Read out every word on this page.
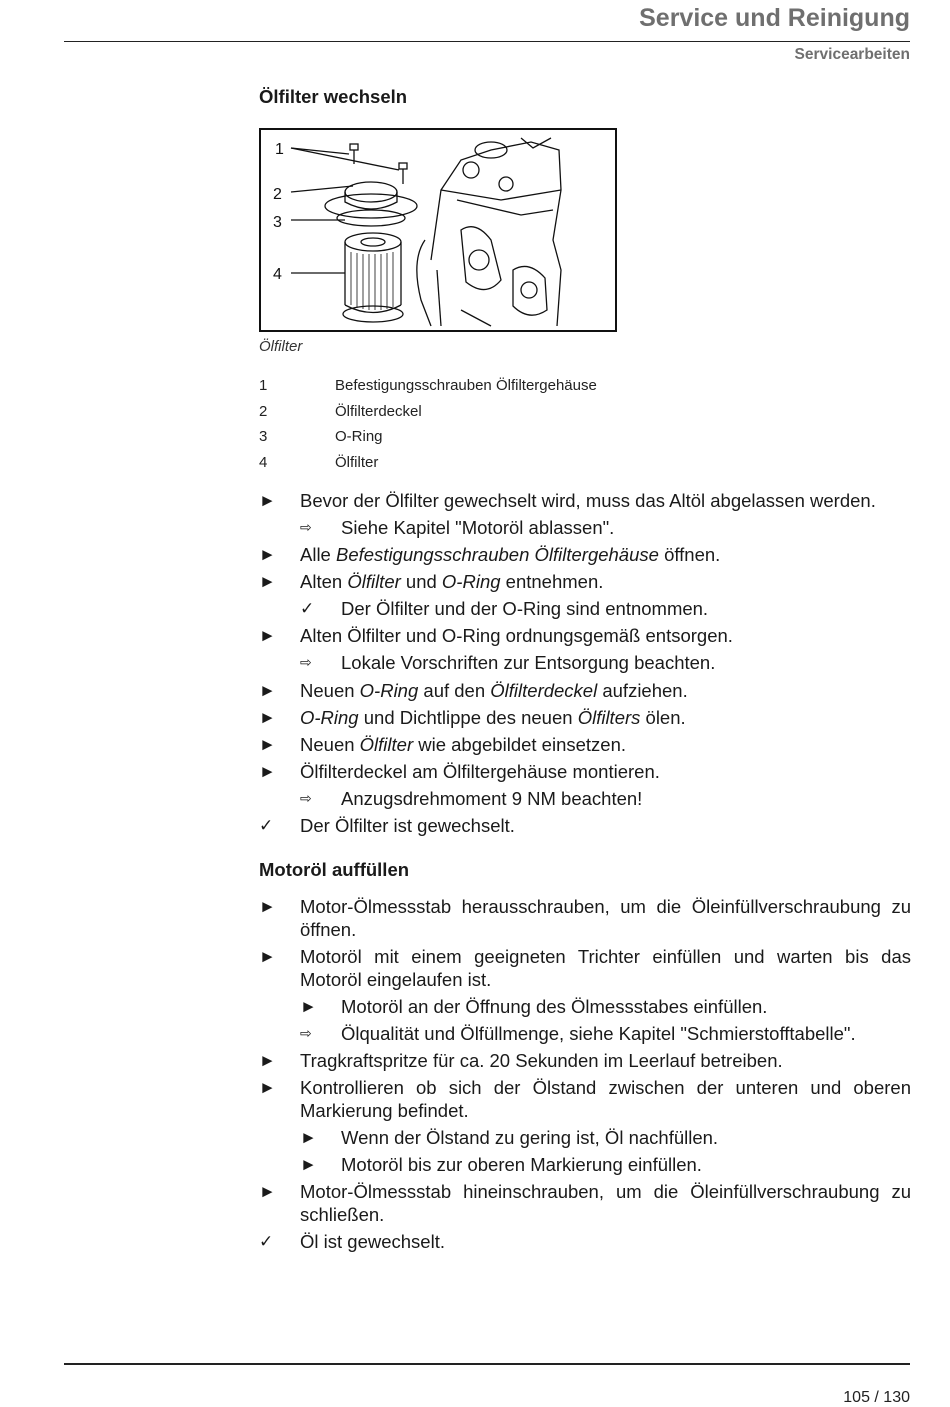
Service und Reinigung
Servicearbeiten
Ölfilter wechseln
1
2
3
4
Ölfilter
1	Befestigungsschrauben Ölfiltergehäuse
2	Ölfilterdeckel
3	O-Ring
4	Ölfilter
►	Bevor der Ölfilter gewechselt wird, muss das Altöl abgelassen werden.
⇨	Siehe Kapitel "Motoröl ablassen".
►	Alle Befestigungsschrauben Ölfiltergehäuse öffnen.
►	Alten Ölfilter und O-Ring entnehmen.
✓	Der Ölfilter und der O-Ring sind entnommen.
►	Alten Ölfilter und O-Ring ordnungsgemäß entsorgen.
⇨	Lokale Vorschriften zur Entsorgung beachten.
►	Neuen O-Ring auf den Ölfilterdeckel aufziehen.
►	O-Ring und Dichtlippe des neuen Ölfilters ölen.
►	Neuen Ölfilter wie abgebildet einsetzen.
►	Ölfilterdeckel am Ölfiltergehäuse montieren.
⇨	Anzugsdrehmoment 9 NM beachten!
✓	Der Ölfilter ist gewechselt.
Motoröl auffüllen
►	Motor-Ölmessstab herausschrauben, um die Öleinfüllverschraubung zu öffnen.
►	Motoröl mit einem geeigneten Trichter einfüllen und warten bis das Motoröl eingelaufen ist.
►	Motoröl an der Öffnung des Ölmessstabes einfüllen.
⇨	Ölqualität und Ölfüllmenge, siehe Kapitel "Schmierstofftabelle".
►	Tragkraftspritze für ca. 20 Sekunden im Leerlauf betreiben.
►	Kontrollieren ob sich der Ölstand zwischen der unteren und oberen Markierung befindet.
►	Wenn der Ölstand zu gering ist, Öl nachfüllen.
►	Motoröl bis zur oberen Markierung einfüllen.
►	Motor-Ölmessstab hineinschrauben, um die Öleinfüllverschraubung zu schließen.
✓	Öl ist gewechselt.
105 / 130
